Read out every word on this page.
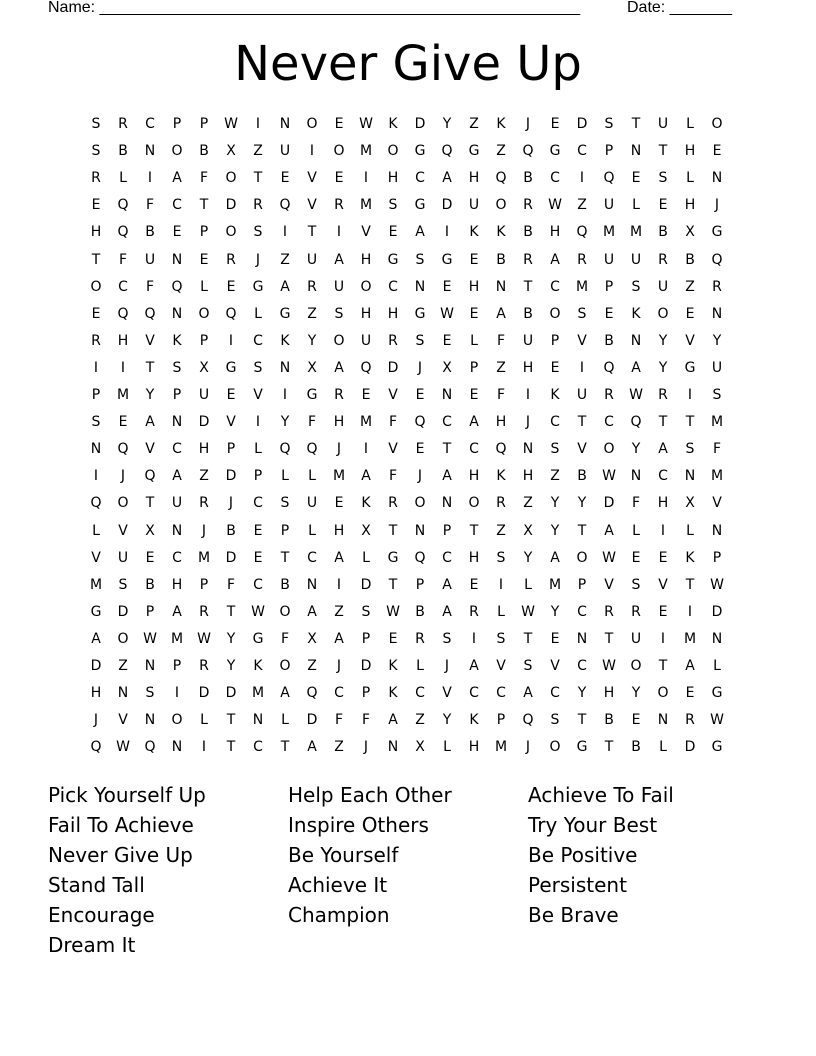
Name: ______________________________________________________	Date: _______
Never Give Up
S	R	C	P	P	W	I	N	O	E	W	K	D	Y	Z	K	J	E	D	S	T	U	L	O
S	B	N	O	B	X	Z	U	I	O	M	O	G	Q	G	Z	Q	G	C	P	N	T	H	E
R	L	I	A	F	O	T	E	V	E	I	H	C	A	H	Q	B	C	I	Q	E	S	L	N
E	Q	F	C	T	D	R	Q	V	R	M	S	G	D	U	O	R	W	Z	U	L	E	H	J
H	Q	B	E	P	O	S	I	T	I	V	E	A	I	K	K	B	H	Q	M	M	B	X	G
T	F	U	N	E	R	J	Z	U	A	H	G	S	G	E	B	R	A	R	U	U	R	B	Q
O	C	F	Q	L	E	G	A	R	U	O	C	N	E	H	N	T	C	M	P	S	U	Z	R
E	Q	Q	N	O	Q	L	G	Z	S	H	H	G	W	E	A	B	O	S	E	K	O	E	N
R	H	V	K	P	I	C	K	Y	O	U	R	S	E	L	F	U	P	V	B	N	Y	V	Y
I	I	T	S	X	G	S	N	X	A	Q	D	J	X	P	Z	H	E	I	Q	A	Y	G	U
P	M	Y	P	U	E	V	I	G	R	E	V	E	N	E	F	I	K	U	R	W	R	I	S
S	E	A	N	D	V	I	Y	F	H	M	F	Q	C	A	H	J	C	T	C	Q	T	T	M
N	Q	V	C	H	P	L	Q	Q	J	I	V	E	T	C	Q	N	S	V	O	Y	A	S	F
I	J	Q	A	Z	D	P	L	L	M	A	F	J	A	H	K	H	Z	B	W	N	C	N	M
Q	O	T	U	R	J	C	S	U	E	K	R	O	N	O	R	Z	Y	Y	D	F	H	X	V
L	V	X	N	J	B	E	P	L	H	X	T	N	P	T	Z	X	Y	T	A	L	I	L	N
V	U	E	C	M	D	E	T	C	A	L	G	Q	C	H	S	Y	A	O	W	E	E	K	P
M	S	B	H	P	F	C	B	N	I	D	T	P	A	E	I	L	M	P	V	S	V	T	W
G	D	P	A	R	T	W	O	A	Z	S	W	B	A	R	L	W	Y	C	R	R	E	I	D
A	O	W	M	W	Y	G	F	X	A	P	E	R	S	I	S	T	E	N	T	U	I	M	N
D	Z	N	P	R	Y	K	O	Z	J	D	K	L	J	A	V	S	V	C	W	O	T	A	L
H	N	S	I	D	D	M	A	Q	C	P	K	C	V	C	C	A	C	Y	H	Y	O	E	G
J	V	N	O	L	T	N	L	D	F	F	A	Z	Y	K	P	Q	S	T	B	E	N	R	W
Q	W	Q	N	I	T	C	T	A	Z	J	N	X	L	H	M	J	O	G	T	B	L	D	G
Pick Yourself Up
Fail To Achieve
Never Give Up
Stand Tall
Encourage
Dream It
Help Each Other
Inspire Others
Be Yourself
Achieve It
Champion
Achieve To Fail
Try Your Best
Be Positive
Persistent
Be Brave
